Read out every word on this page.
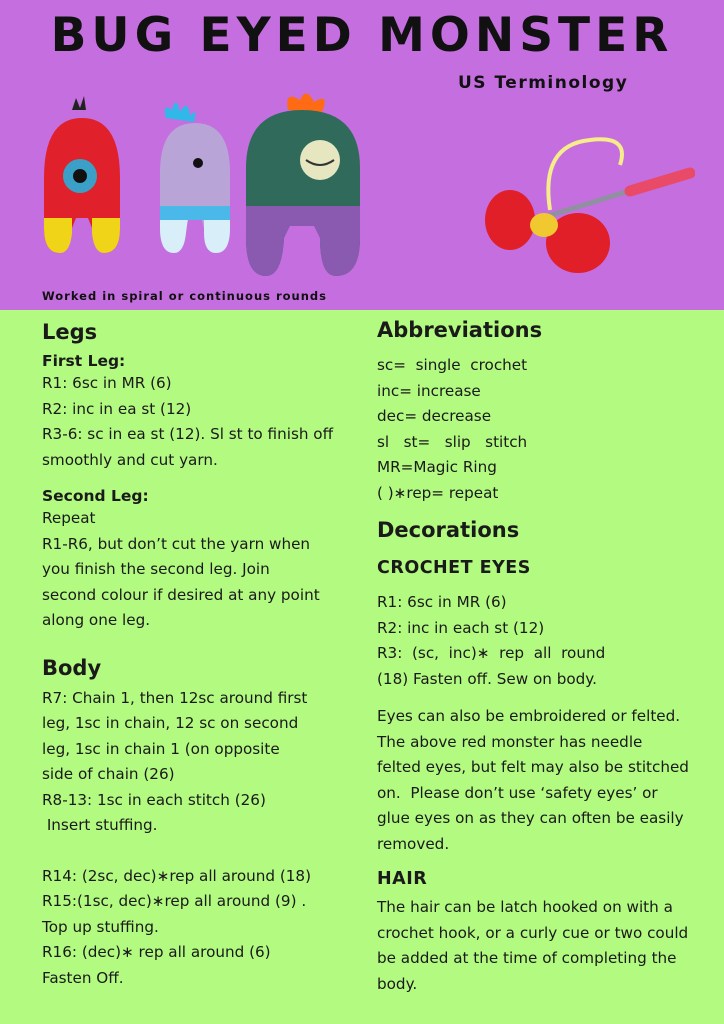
BUG EYED MONSTER
US Terminology
Worked in spiral or continuous rounds
Legs
First Leg:
R1: 6sc in MR (6)
R2: inc in ea st (12)
R3-6: sc in ea st (12). Sl st to finish off
smoothly and cut yarn.
Second Leg:
Repeat
R1-R6, but don’t cut the yarn when
you finish the second leg. Join
second colour if desired at any point
along one leg.
Body
R7: Chain 1, then 12sc around first
leg, 1sc in chain, 12 sc on second
leg, 1sc in chain 1 (on opposite
side of chain (26)
R8-13: 1sc in each stitch (26)
Insert stuffing.
R14: (2sc, dec)∗rep all around (18)
R15:(1sc, dec)∗rep all around (9) .
Top up stuffing.
R16: (dec)∗ rep all around (6)
Fasten Off.
Abbreviations
sc=  single  crochet
inc= increase
dec= decrease
sl   st=   slip   stitch
MR=Magic Ring
( )∗rep= repeat
Decorations
CROCHET EYES
R1: 6sc in MR (6)
R2: inc in each st (12)
R3:  (sc,  inc)∗  rep  all  round
(18) Fasten off. Sew on body.
Eyes can also be embroidered or felted.
The above red monster has needle
felted eyes, but felt may also be stitched
on.  Please don’t use ‘safety eyes’ or
glue eyes on as they can often be easily
removed.
HAIR
The hair can be latch hooked on with a
crochet hook, or a curly cue or two could
be added at the time of completing the
body.
